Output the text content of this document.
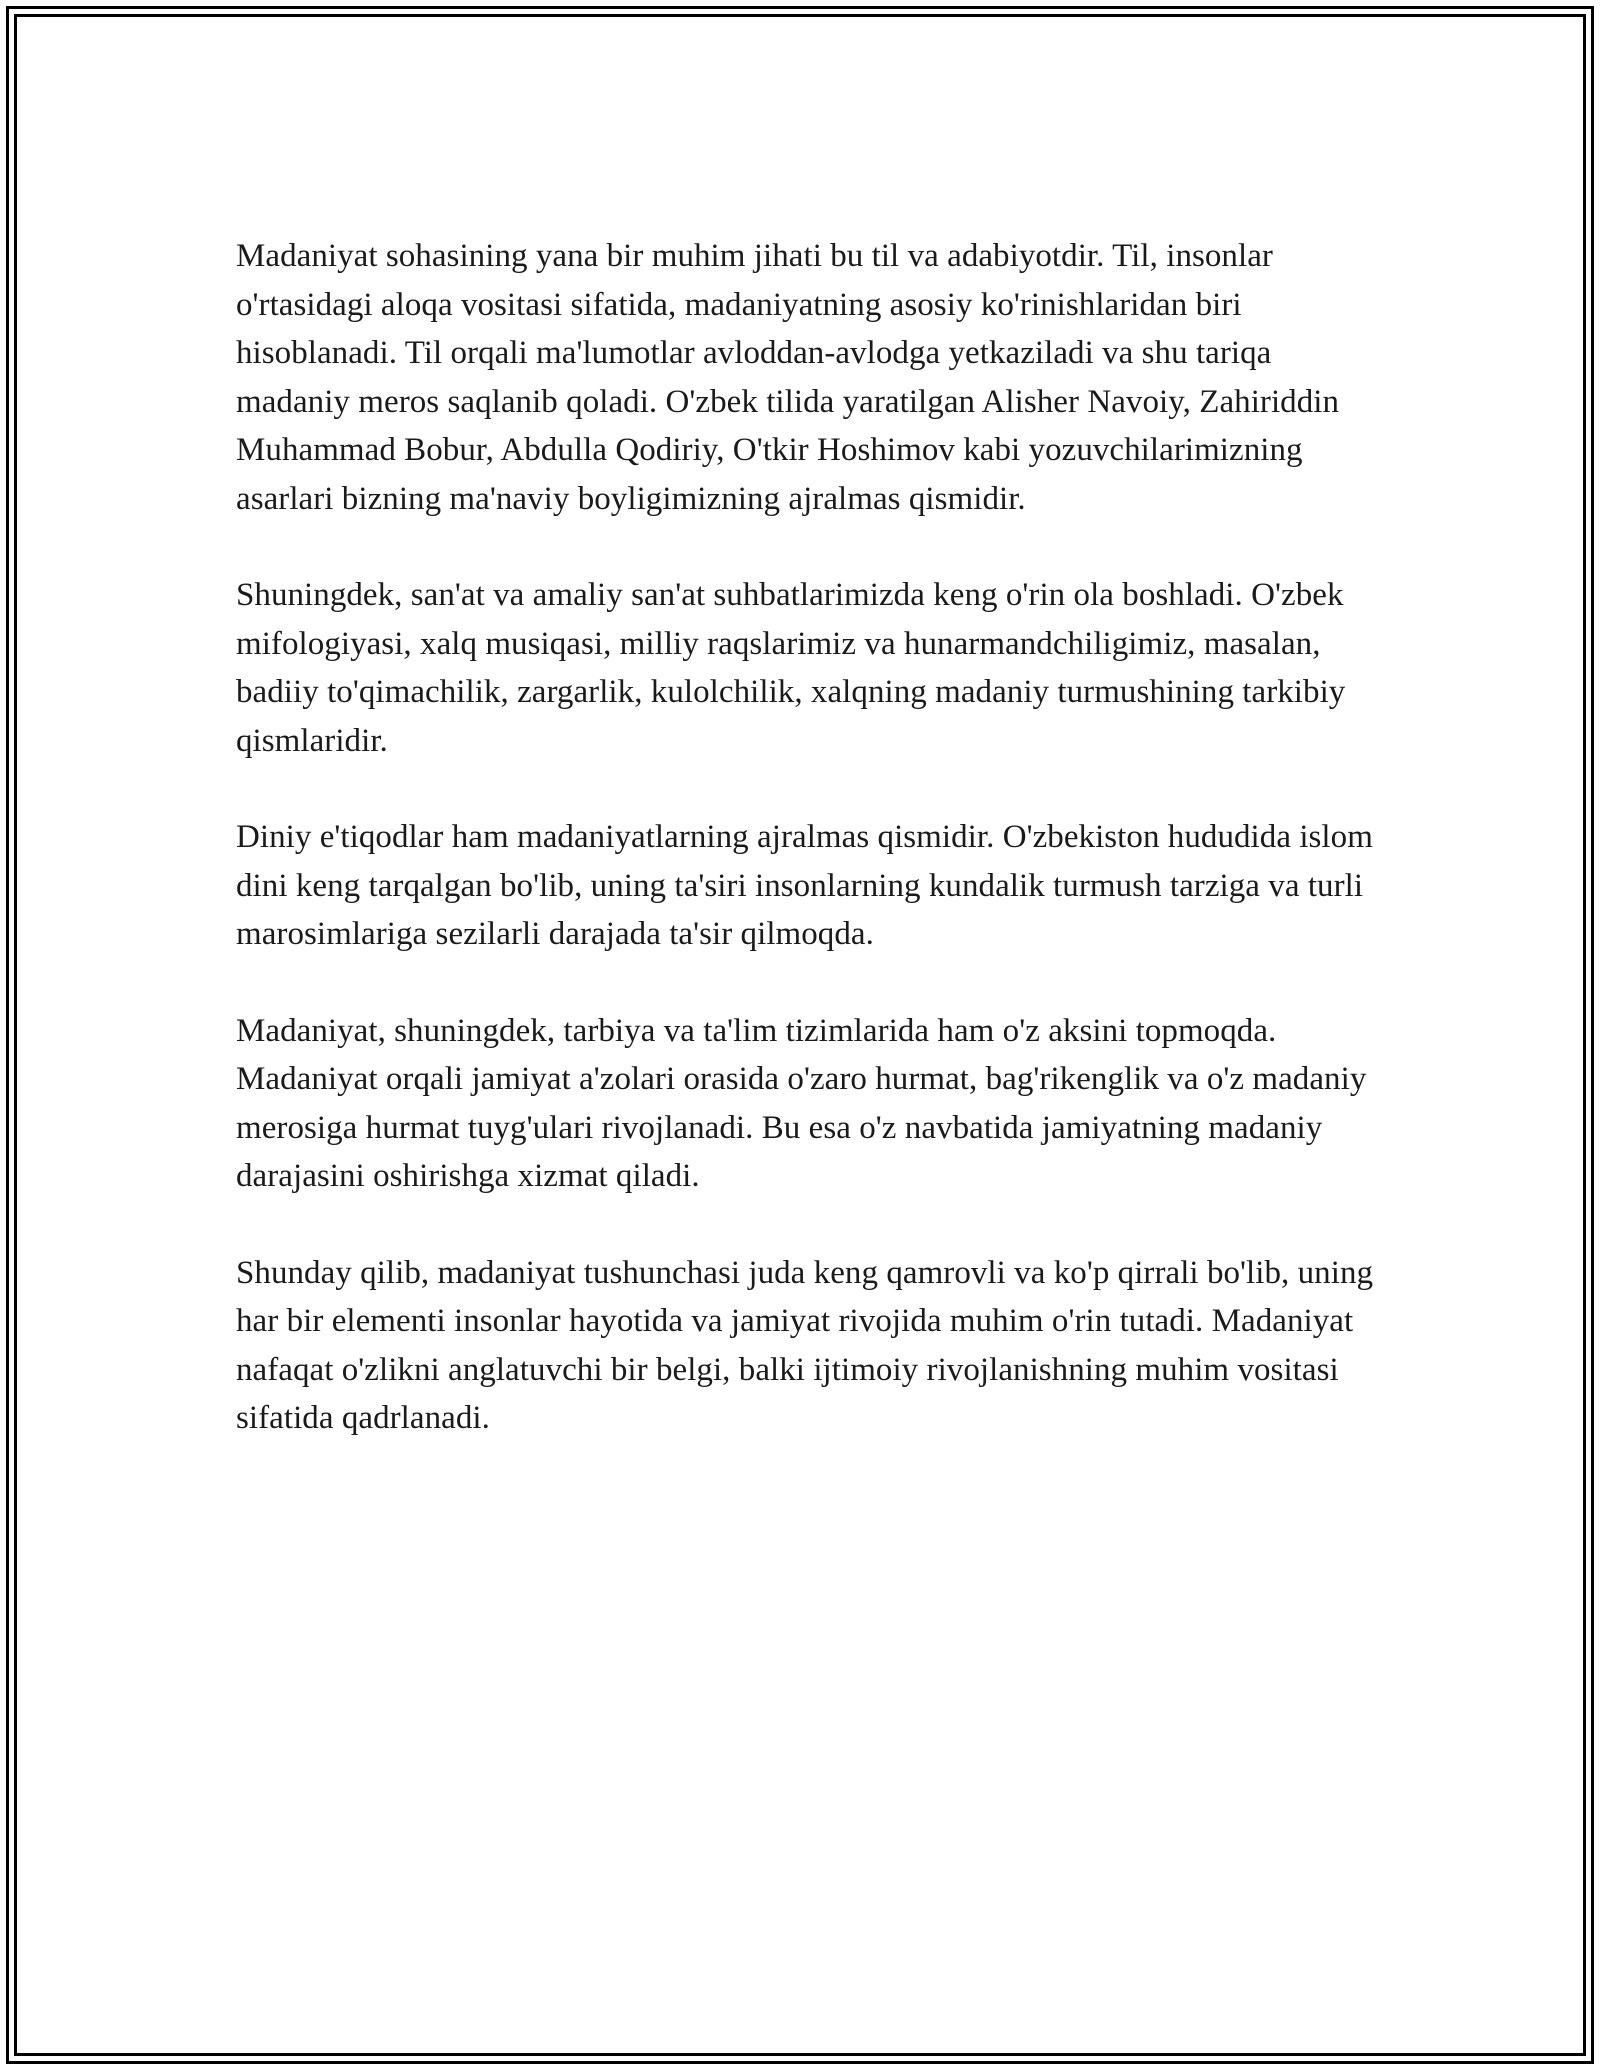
Madaniyat sohasining yana bir muhim jihati bu til va adabiyotdir. Til, insonlar o'rtasidagi aloqa vositasi sifatida, madaniyatning asosiy ko'rinishlaridan biri hisoblanadi. Til orqali ma'lumotlar avloddan-avlodga yetkaziladi va shu tariqa madaniy meros saqlanib qoladi. O'zbek tilida yaratilgan Alisher Navoiy, Zahiriddin Muhammad Bobur, Abdulla Qodiriy, O'tkir Hoshimov kabi yozuvchilarimizning asarlari bizning ma'naviy boyligimizning ajralmas qismidir.

Shuningdek, san'at va amaliy san'at suhbatlarimizda keng o'rin ola boshladi. O'zbek mifologiyasi, xalq musiqasi, milliy raqslarimiz va hunarmandchiligimiz, masalan, badiiy to'qimachilik, zargarlik, kulolchilik, xalqning madaniy turmushining tarkibiy qismlaridir.

Diniy e'tiqodlar ham madaniyatlarning ajralmas qismidir. O'zbekiston hududida islom dini keng tarqalgan bo'lib, uning ta'siri insonlarning kundalik turmush tarziga va turli marosimlariga sezilarli darajada ta'sir qilmoqda.

Madaniyat, shuningdek, tarbiya va ta'lim tizimlarida ham o'z aksini topmoqda. Madaniyat orqali jamiyat a'zolari orasida o'zaro hurmat, bag'rikenglik va o'z madaniy merosiga hurmat tuyg'ulari rivojlanadi. Bu esa o'z navbatida jamiyatning madaniy darajasini oshirishga xizmat qiladi.

Shunday qilib, madaniyat tushunchasi juda keng qamrovli va ko'p qirrali bo'lib, uning har bir elementi insonlar hayotida va jamiyat rivojida muhim o'rin tutadi. Madaniyat nafaqat o'zlikni anglatuvchi bir belgi, balki ijtimoiy rivojlanishning muhim vositasi sifatida qadrlanadi.
